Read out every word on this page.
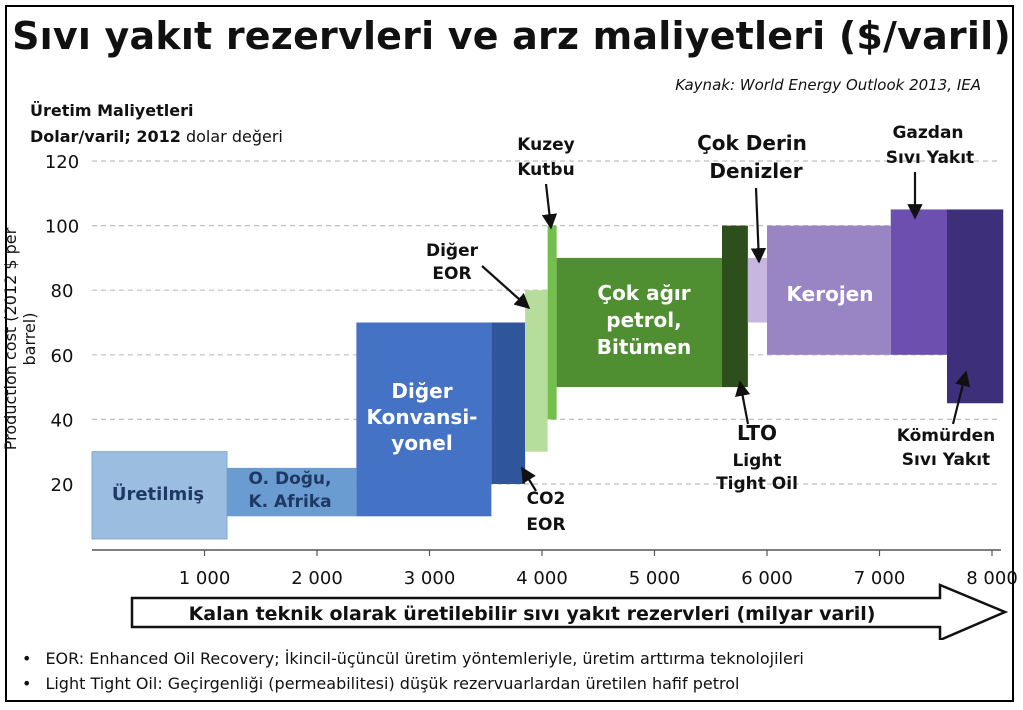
Sıvı yakıt rezervleri ve arz maliyetleri ($/varil)
Kaynak: World Energy Outlook 2013, IEA
Üretim Maliyetleri
Dolar/varil; 2012 dolar değeri
Production cost (2012 $ per barrel)
20
40
60
80
100
120
1 000	2 000	3 000	4 000	5 000	6 000	7 000	8 000
Üretilmiş
O. Doğu,
K. Afrika
Diğer
Konvansi-
yonel
Çok ağır
petrol,
Bitümen
Kerojen
CO2
EOR
Diğer
EOR
Kuzey
Kutbu
LTO
Light
Tight Oil
Çok Derin
Denizler
Gazdan
Sıvı Yakıt
Kömürden
Sıvı Yakıt
Kalan teknik olarak üretilebilir sıvı yakıt rezervleri (milyar varil)
• EOR: Enhanced Oil Recovery; İkincil-üçüncül üretim yöntemleriyle, üretim arttırma teknolojileri
• Light Tight Oil: Geçirgenliği (permeabilitesi) düşük rezervuarlardan üretilen hafif petrol
